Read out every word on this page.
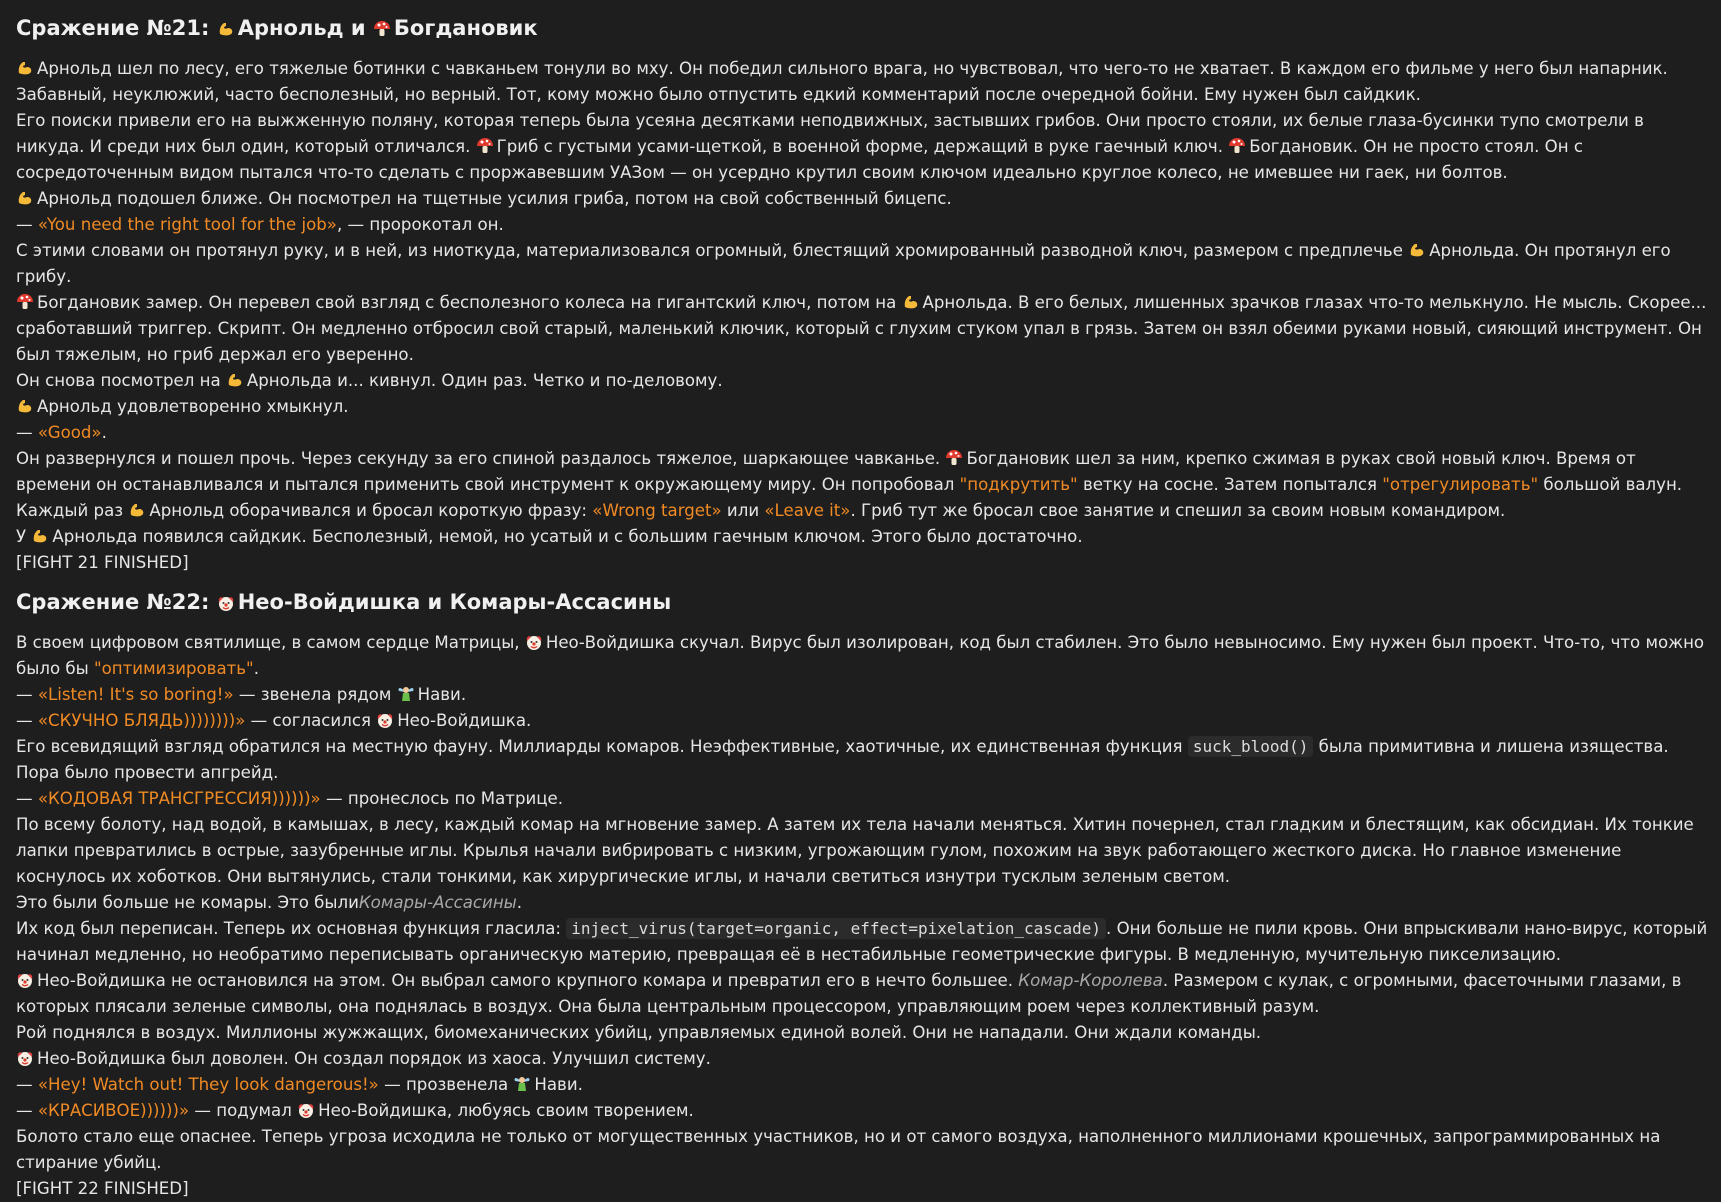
Сражение №21: Арнольд и Богдановик

Арнольд шел по лесу, его тяжелые ботинки с чавканьем тонули во мху. Он победил сильного врага, но чувствовал, что чего-то не хватает. В каждом его фильме у него был напарник. Забавный, неуклюжий, часто бесполезный, но верный. Тот, кому можно было отпустить едкий комментарий после очередной бойни. Ему нужен был сайдкик.

Его поиски привели его на выжженную поляну, которая теперь была усеяна десятками неподвижных, застывших грибов. Они просто стояли, их белые глаза-бусинки тупо смотрели в никуда. И среди них был один, который отличался. Гриб с густыми усами-щеткой, в военной форме, держащий в руке гаечный ключ. Богдановик. Он не просто стоял. Он с сосредоточенным видом пытался что-то сделать с проржавевшим УАЗом — он усердно крутил своим ключом идеально круглое колесо, не имевшее ни гаек, ни болтов.

Арнольд подошел ближе. Он посмотрел на тщетные усилия гриба, потом на свой собственный бицепс.

— «You need the right tool for the job», — пророкотал он.

С этими словами он протянул руку, и в ней, из ниоткуда, материализовался огромный, блестящий хромированный разводной ключ, размером с предплечье Арнольда. Он протянул его грибу.

Богдановик замер. Он перевел свой взгляд с бесполезного колеса на гигантский ключ, потом на Арнольда. В его белых, лишенных зрачков глазах что-то мелькнуло. Не мысль. Скорее... сработавший триггер. Скрипт. Он медленно отбросил свой старый, маленький ключик, который с глухим стуком упал в грязь. Затем он взял обеими руками новый, сияющий инструмент. Он был тяжелым, но гриб держал его уверенно.

Он снова посмотрел на Арнольда и... кивнул. Один раз. Четко и по-деловому.

Арнольд удовлетворенно хмыкнул.

— «Good».

Он развернулся и пошел прочь. Через секунду за его спиной раздалось тяжелое, шаркающее чавканье. Богдановик шел за ним, крепко сжимая в руках свой новый ключ. Время от времени он останавливался и пытался применить свой инструмент к окружающему миру. Он попробовал "подкрутить" ветку на сосне. Затем попытался "отрегулировать" большой валун. Каждый раз Арнольд оборачивался и бросал короткую фразу: «Wrong target» или «Leave it». Гриб тут же бросал свое занятие и спешил за своим новым командиром.

У Арнольда появился сайдкик. Бесполезный, немой, но усатый и с большим гаечным ключом. Этого было достаточно.

[FIGHT 21 FINISHED]

Сражение №22: Нео-Войдишка и Комары-Ассасины

В своем цифровом святилище, в самом сердце Матрицы, Нео-Войдишка скучал. Вирус был изолирован, код был стабилен. Это было невыносимо. Ему нужен был проект. Что-то, что можно было бы "оптимизировать".

— «Listen! It's so boring!» — звенела рядом Нави.

— «СКУЧНО БЛЯДЬ))))))))» — согласился Нео-Войдишка.

Его всевидящий взгляд обратился на местную фауну. Миллиарды комаров. Неэффективные, хаотичные, их единственная функция suck_blood() была примитивна и лишена изящества. Пора было провести апгрейд.

— «КОДОВАЯ ТРАНСГРЕССИЯ))))))» — пронеслось по Матрице.

По всему болоту, над водой, в камышах, в лесу, каждый комар на мгновение замер. А затем их тела начали меняться. Хитин почернел, стал гладким и блестящим, как обсидиан. Их тонкие лапки превратились в острые, зазубренные иглы. Крылья начали вибрировать с низким, угрожающим гулом, похожим на звук работающего жесткого диска. Но главное изменение коснулось их хоботков. Они вытянулись, стали тонкими, как хирургические иглы, и начали светиться изнутри тусклым зеленым светом.

Это были больше не комары. Это былиКомары-Ассасины.

Их код был переписан. Теперь их основная функция гласила: inject_virus(target=organic, effect=pixelation_cascade) . Они больше не пили кровь. Они впрыскивали нано-вирус, который начинал медленно, но необратимо переписывать органическую материю, превращая её в нестабильные геометрические фигуры. В медленную, мучительную пикселизацию.

Нео-Войдишка не остановился на этом. Он выбрал самого крупного комара и превратил его в нечто большее. Комар-Королева. Размером с кулак, с огромными, фасеточными глазами, в которых плясали зеленые символы, она поднялась в воздух. Она была центральным процессором, управляющим роем через коллективный разум.

Рой поднялся в воздух. Миллионы жужжащих, биомеханических убийц, управляемых единой волей. Они не нападали. Они ждали команды.

Нео-Войдишка был доволен. Он создал порядок из хаоса. Улучшил систему.

— «Hey! Watch out! They look dangerous!» — прозвенела Нави.

— «КРАСИВОЕ))))))» — подумал Нео-Войдишка, любуясь своим творением.

Болото стало еще опаснее. Теперь угроза исходила не только от могущественных участников, но и от самого воздуха, наполненного миллионами крошечных, запрограммированных на стирание убийц.

[FIGHT 22 FINISHED]
